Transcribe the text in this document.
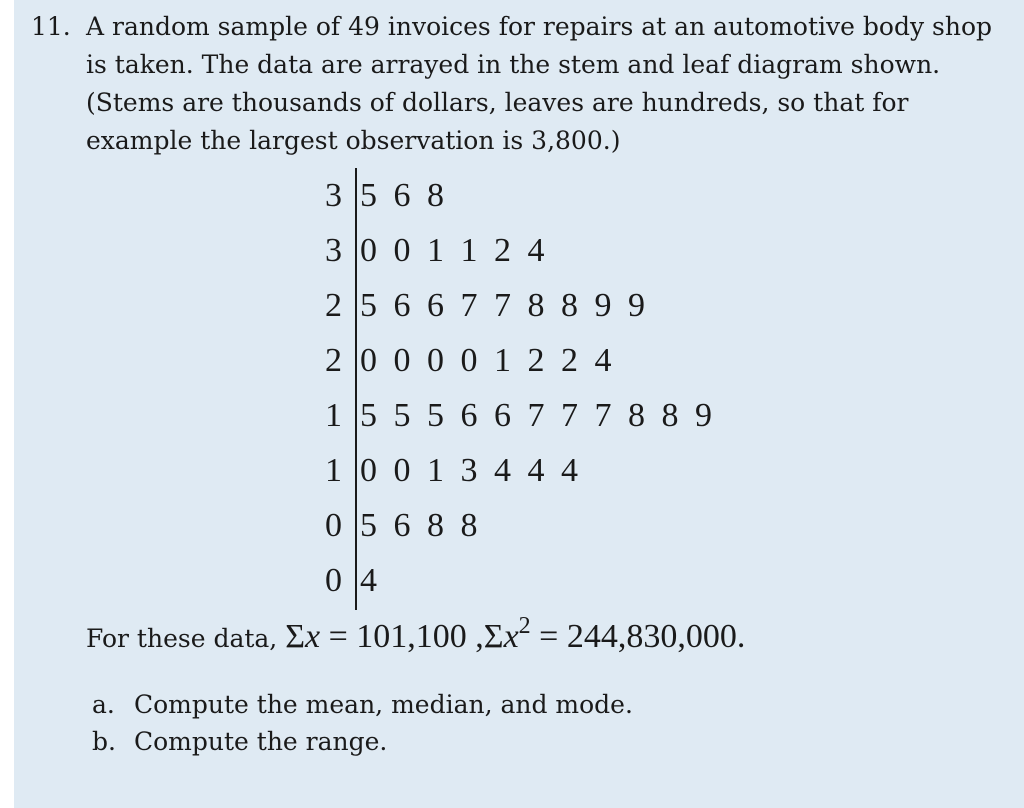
11. A random sample of 49 invoices for repairs at an automotive body shop is taken. The data are arrayed in the stem and leaf diagram shown. (Stems are thousands of dollars, leaves are hundreds, so that for example the largest observation is 3,800.)
3 5 6 8
3 0 0 1 1 2 4
2 5 6 6 7 7 8 8 9 9
2 0 0 0 0 1 2 2 4
1 5 5 5 6 6 7 7 7 8 8 9
1 0 0 1 3 4 4 4
0 5 6 8 8
0 4
For these data, Σx = 101,100 $,\Sigma x^2 = 244,830,000$.
a. Compute the mean, median, and mode.
b. Compute the range.
